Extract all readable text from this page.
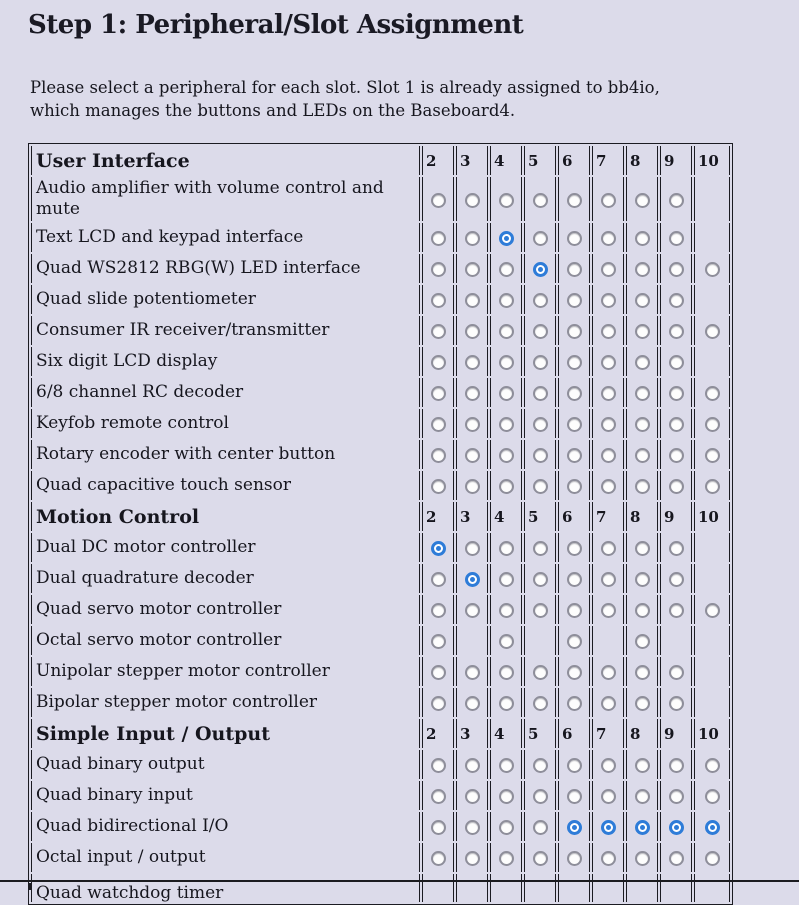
Step 1: Peripheral/Slot Assignment
Please select a peripheral for each slot. Slot 1 is already assigned to bb4io,
which manages the buttons and LEDs on the Baseboard4.
User Interface	2	3	4	5	6	7	8	9	10
Audio amplifier with volume control and mute									
Text LCD and keypad interface									
Quad WS2812 RBG(W) LED interface									
Quad slide potentiometer									
Consumer IR receiver/transmitter									
Six digit LCD display									
6/8 channel RC decoder									
Keyfob remote control									
Rotary encoder with center button									
Quad capacitive touch sensor									
Motion Control	2	3	4	5	6	7	8	9	10
Dual DC motor controller									
Dual quadrature decoder									
Quad servo motor controller									
Octal servo motor controller									
Unipolar stepper motor controller									
Bipolar stepper motor controller									
Simple Input / Output	2	3	4	5	6	7	8	9	10
Quad binary output									
Quad binary input									
Quad bidirectional I/O									
Octal input / output									

Quad watchdog timer
